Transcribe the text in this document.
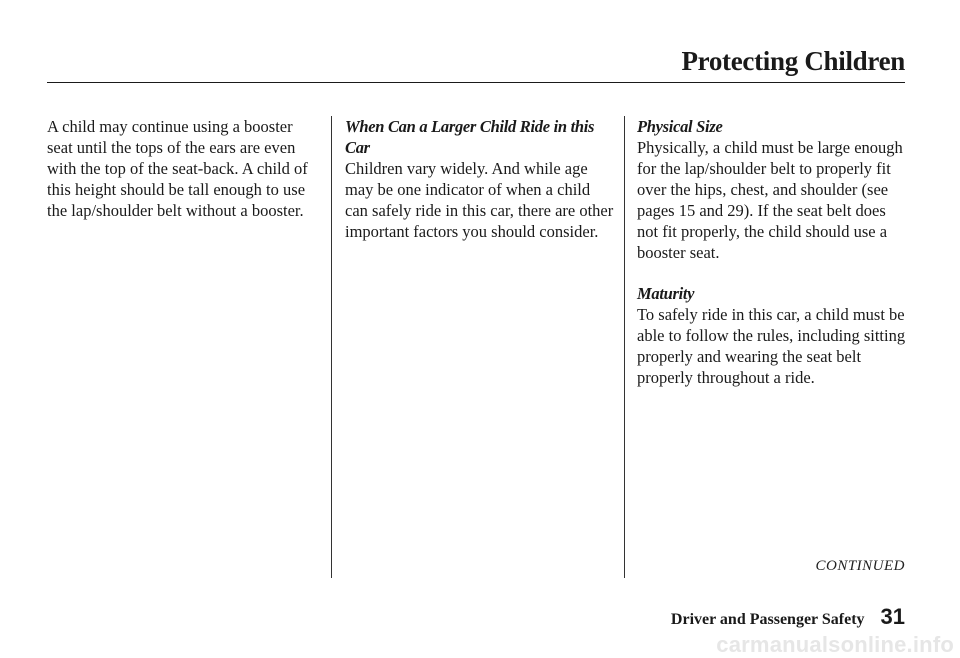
Protecting Children

A child may continue using a booster seat until the tops of the ears are even with the top of the seat-back. A child of this height should be tall enough to use the lap/shoulder belt without a booster.

When Can a Larger Child Ride in this Car

Children vary widely. And while age may be one indicator of when a child can safely ride in this car, there are other important factors you should consider.

Physical Size

Physically, a child must be large enough for the lap/shoulder belt to properly fit over the hips, chest, and shoulder (see pages 15 and 29). If the seat belt does not fit properly, the child should use a booster seat.

Maturity

To safely ride in this car, a child must be able to follow the rules, including sitting properly and wearing the seat belt properly throughout a ride.

CONTINUED
Driver and Passenger Safety 31
carmanualsonline.info
